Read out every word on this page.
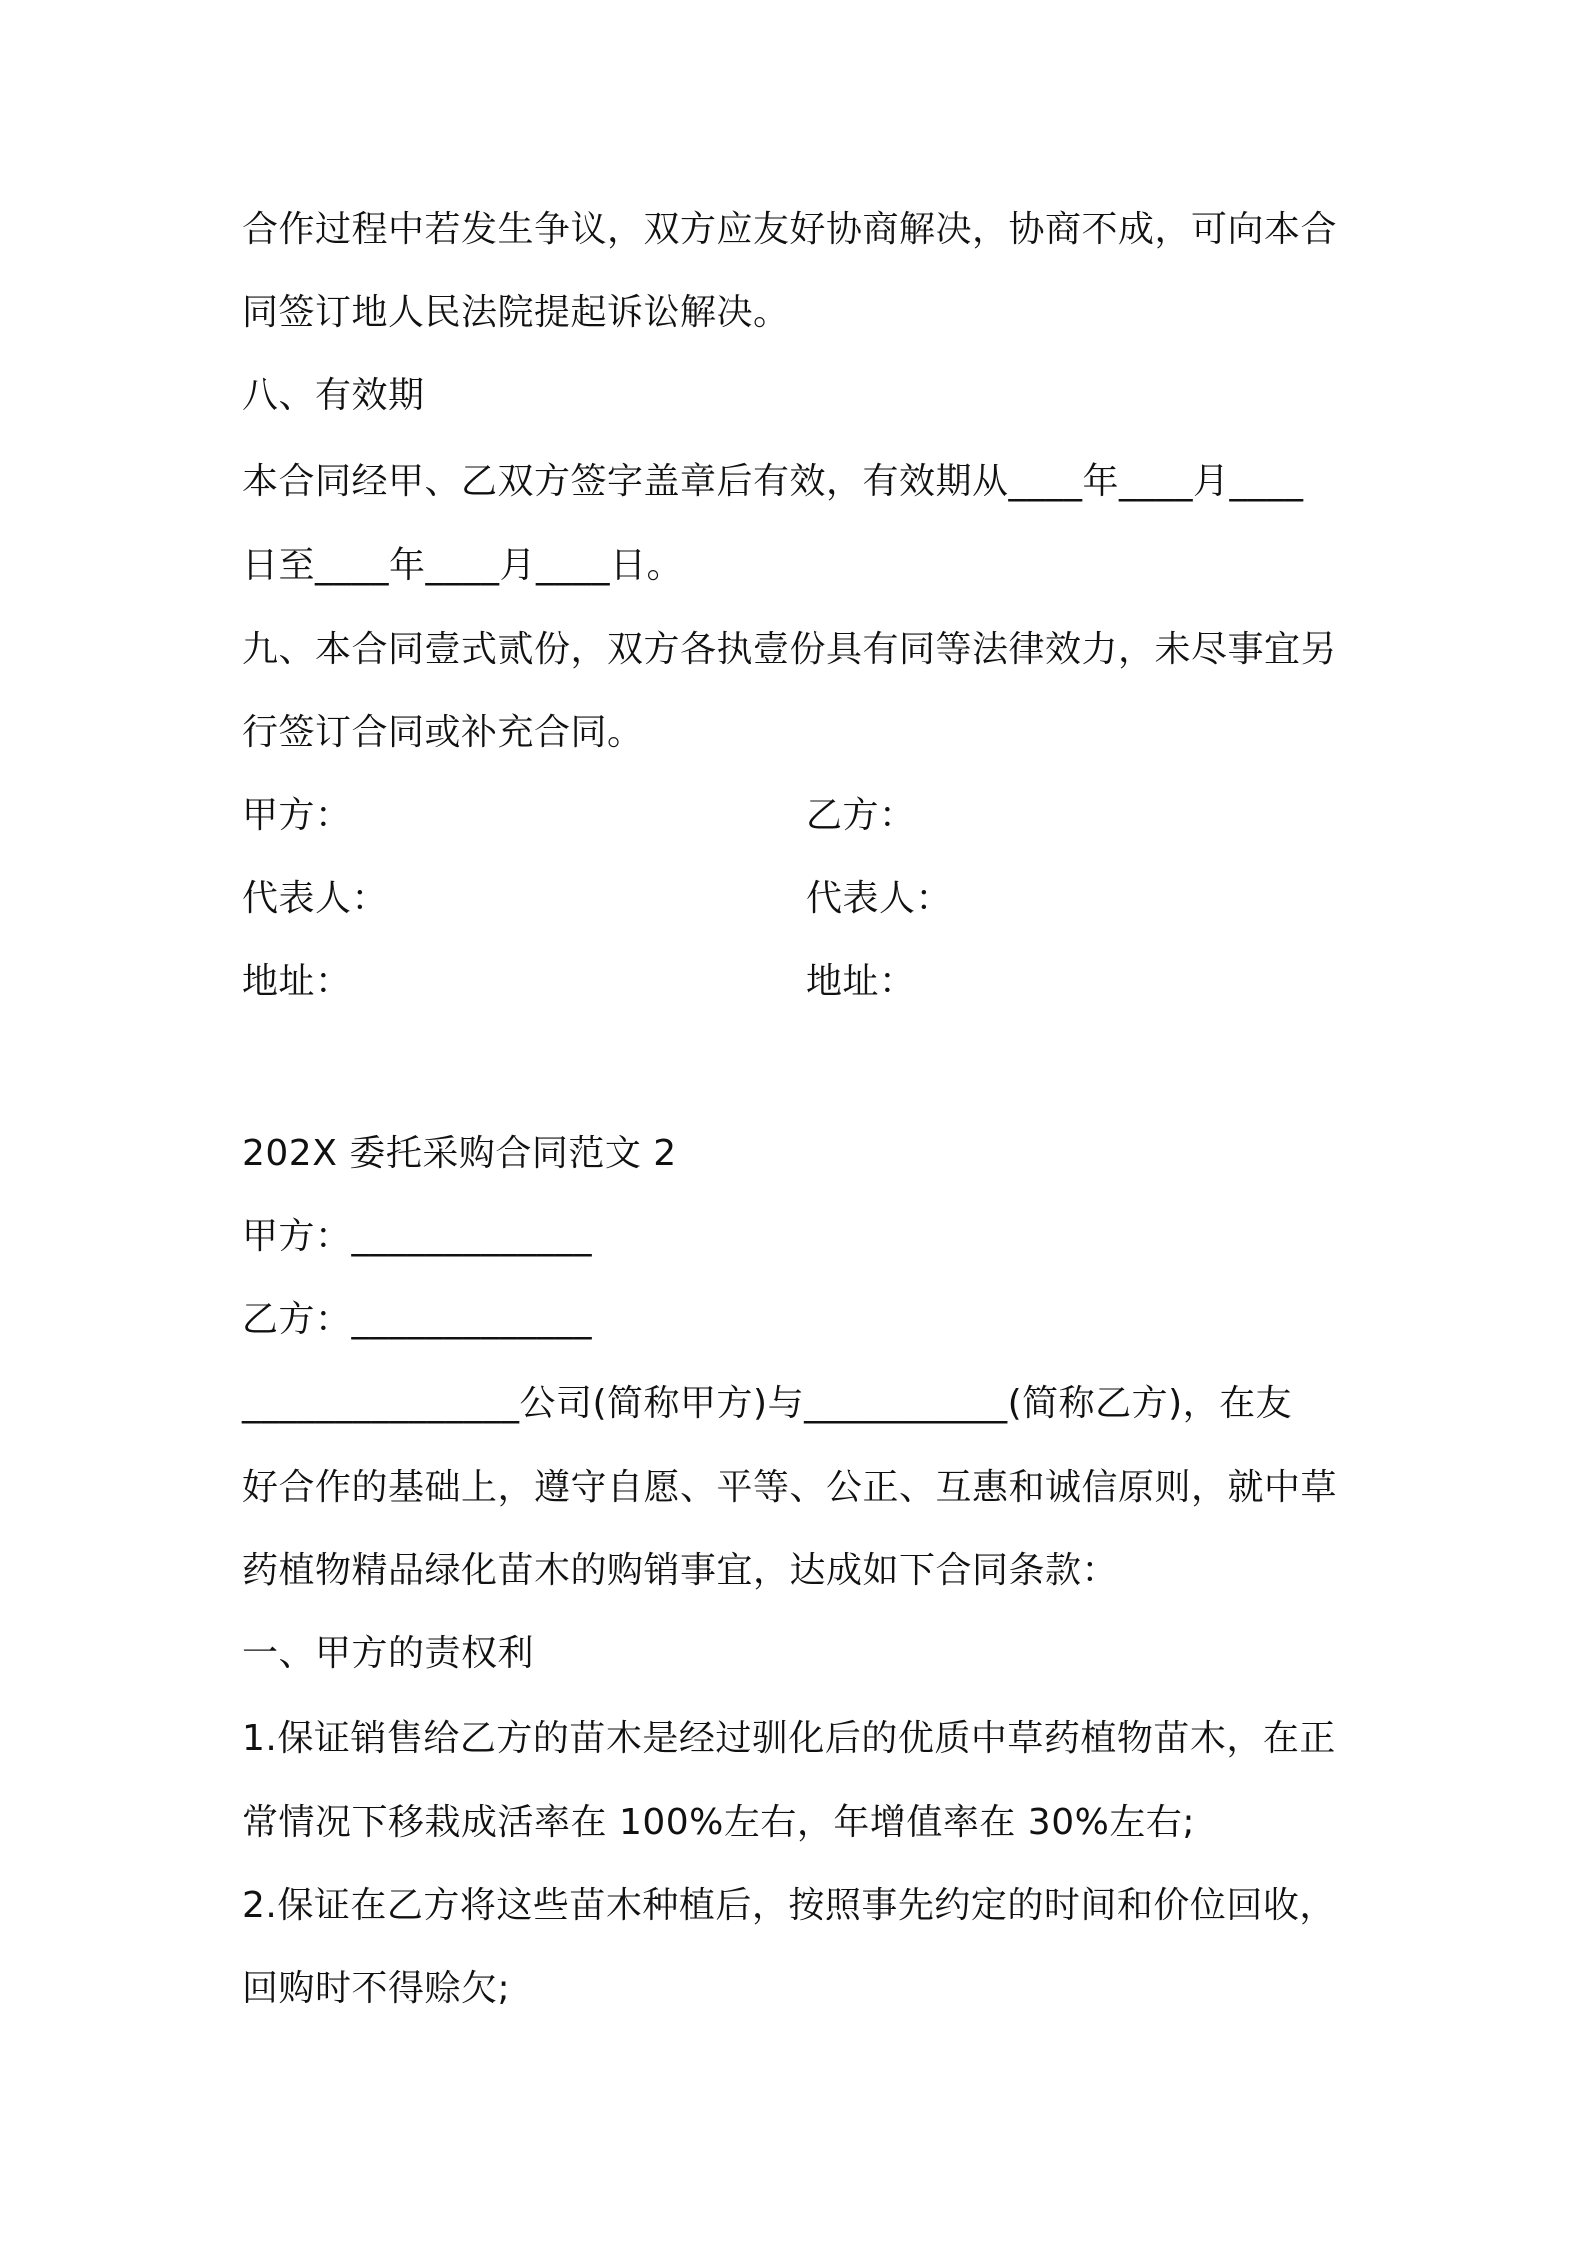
合作过程中若发生争议，双方应友好协商解决，协商不成，可向本合

同签订地人民法院提起诉讼解决。

八、有效期

本合同经甲、乙双方签字盖章后有效，有效期从____年____月____

日至____年____月____日。

九、本合同壹式贰份，双方各执壹份具有同等法律效力，未尽事宜另

行签订合同或补充合同。

甲方：	乙方：

代表人：	代表人：

地址：	地址：

202X 委托采购合同范文 2

甲方：_____________

乙方：_____________

_______________公司(简称甲方)与___________(简称乙方)，在友

好合作的基础上，遵守自愿、平等、公正、互惠和诚信原则，就中草

药植物精品绿化苗木的购销事宜，达成如下合同条款：

一、甲方的责权利

1.保证销售给乙方的苗木是经过驯化后的优质中草药植物苗木，在正

常情况下移栽成活率在 100%左右，年增值率在 30%左右;

2.保证在乙方将这些苗木种植后，按照事先约定的时间和价位回收，

回购时不得赊欠;
